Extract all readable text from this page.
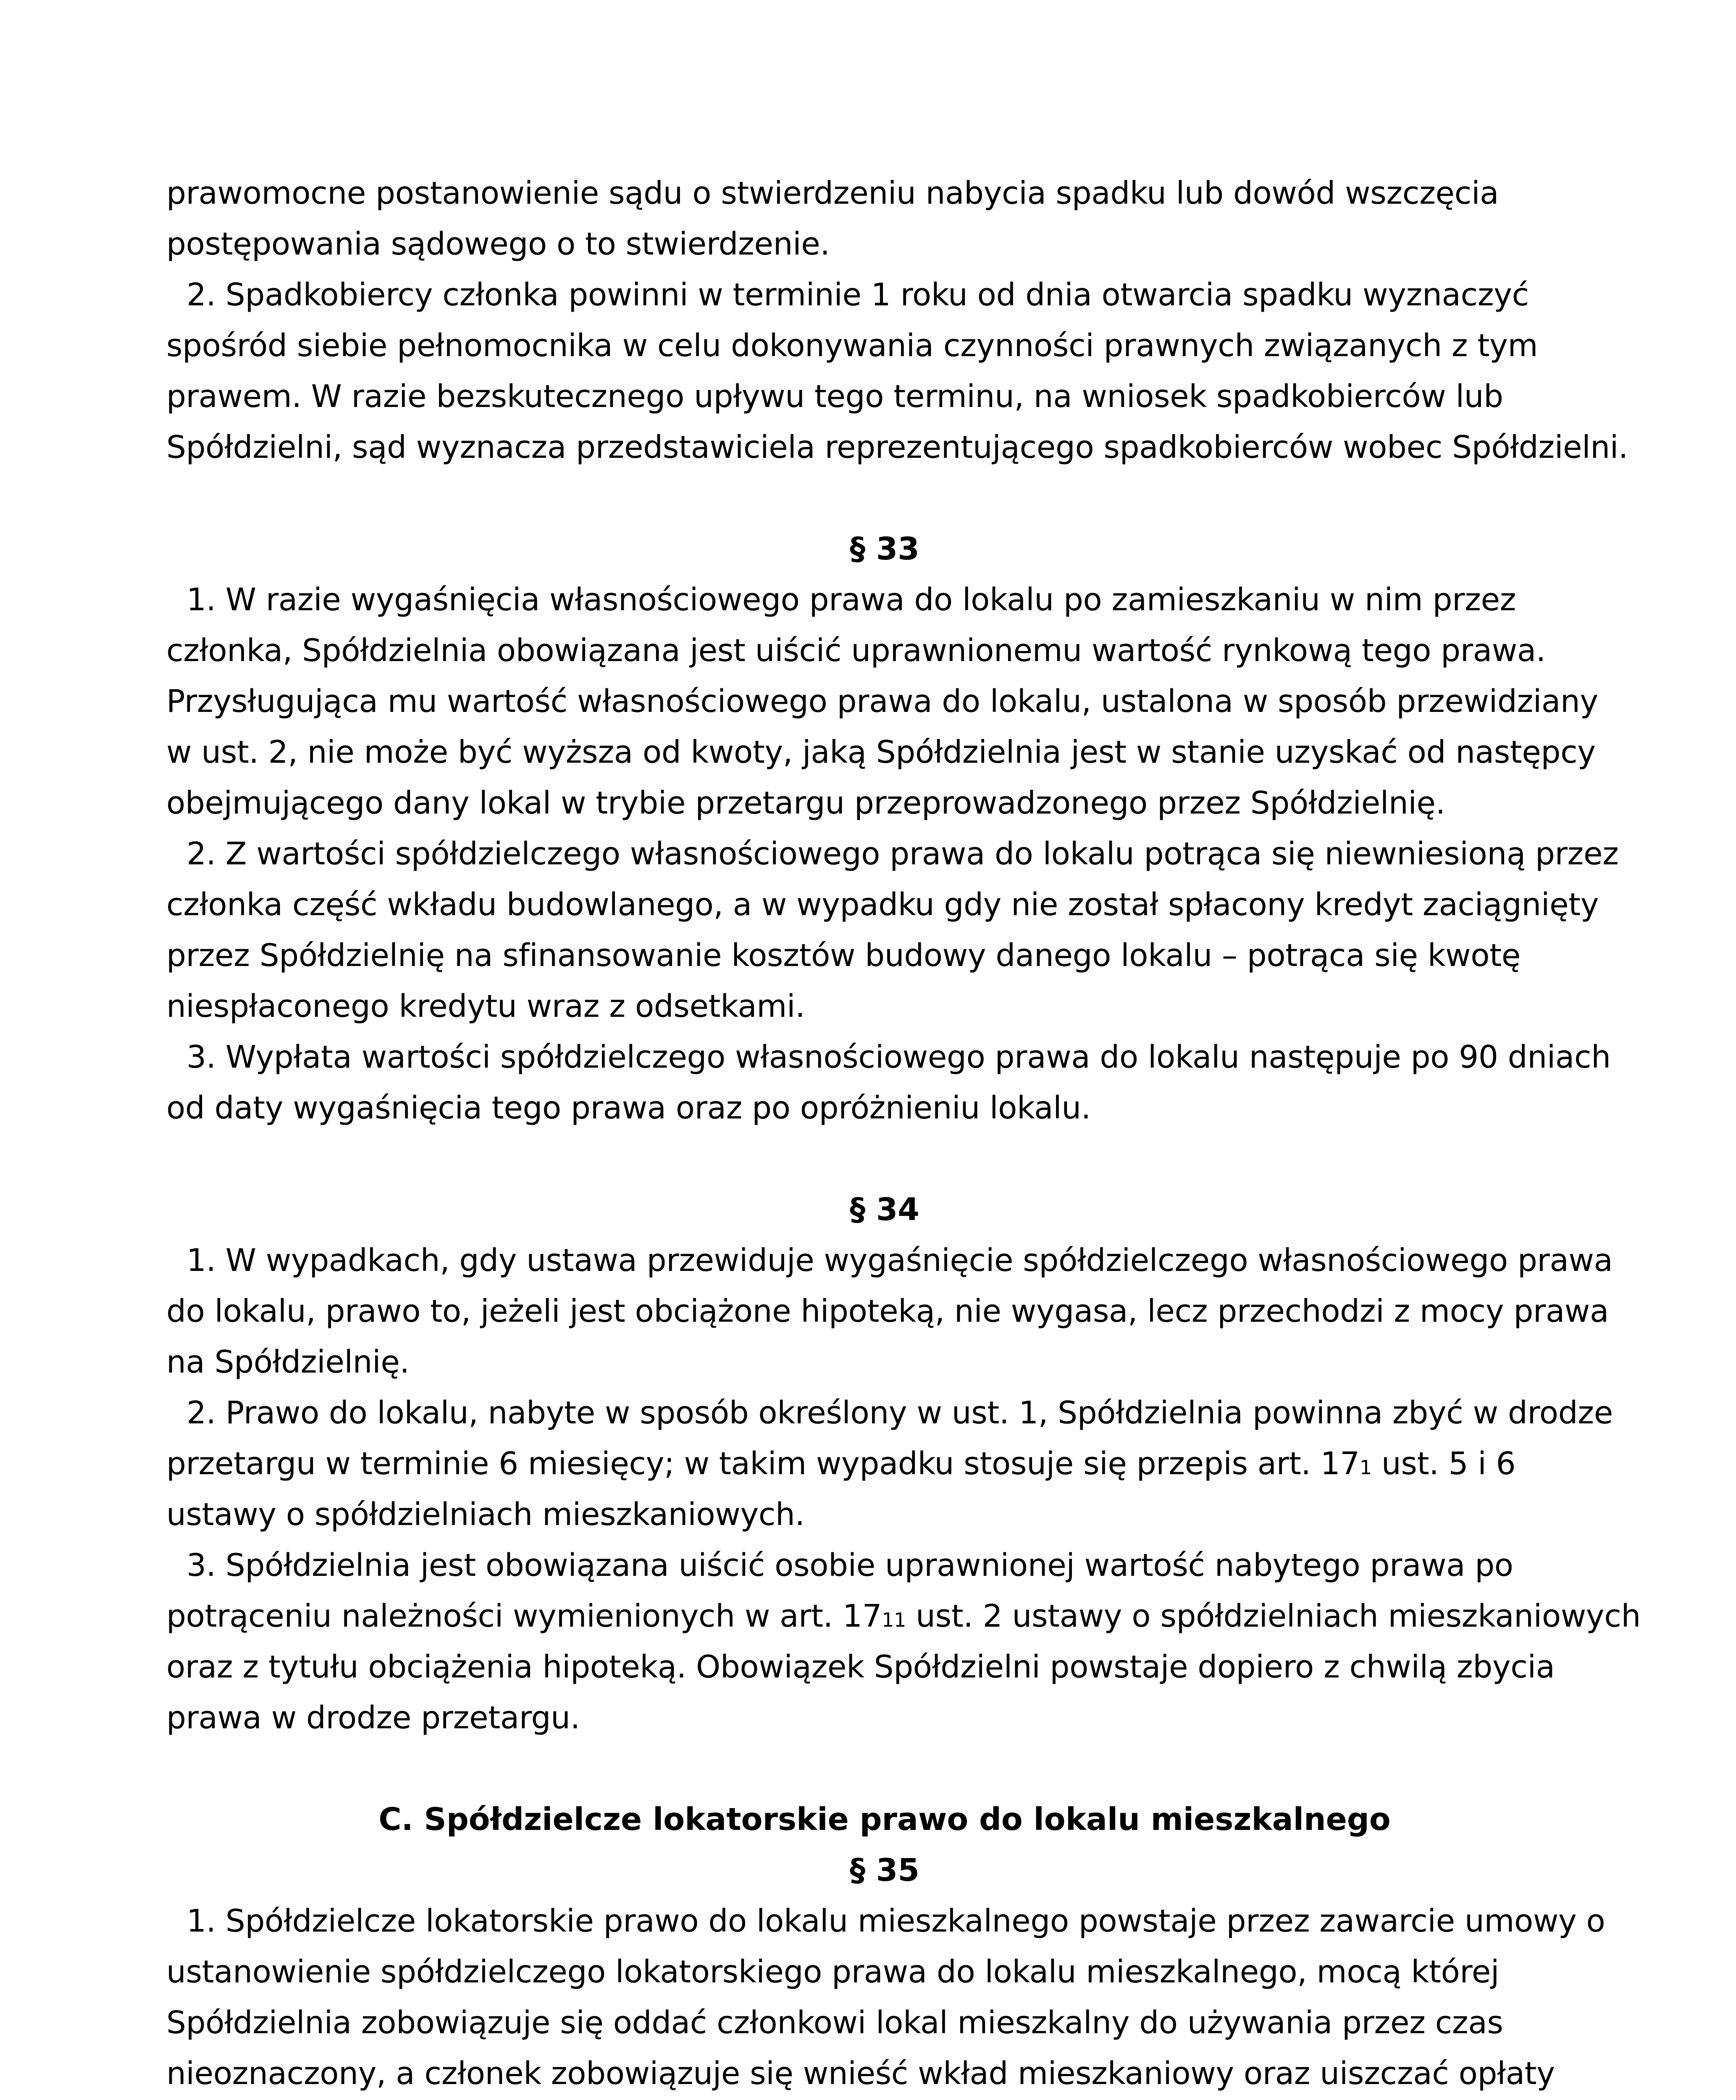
prawomocne postanowienie sądu o stwierdzeniu nabycia spadku lub dowód wszczęcia
postępowania sądowego o to stwierdzenie.
2. Spadkobiercy członka powinni w terminie 1 roku od dnia otwarcia spadku wyznaczyć
spośród siebie pełnomocnika w celu dokonywania czynności prawnych związanych z tym
prawem. W razie bezskutecznego upływu tego terminu, na wniosek spadkobierców lub
Spółdzielni, sąd wyznacza przedstawiciela reprezentującego spadkobierców wobec Spółdzielni.
§ 33
1. W razie wygaśnięcia własnościowego prawa do lokalu po zamieszkaniu w nim przez
członka, Spółdzielnia obowiązana jest uiścić uprawnionemu wartość rynkową tego prawa.
Przysługująca mu wartość własnościowego prawa do lokalu, ustalona w sposób przewidziany
w ust. 2, nie może być wyższa od kwoty, jaką Spółdzielnia jest w stanie uzyskać od następcy
obejmującego dany lokal w trybie przetargu przeprowadzonego przez Spółdzielnię.
2. Z wartości spółdzielczego własnościowego prawa do lokalu potrąca się niewniesioną przez
członka część wkładu budowlanego, a w wypadku gdy nie został spłacony kredyt zaciągnięty
przez Spółdzielnię na sfinansowanie kosztów budowy danego lokalu – potrąca się kwotę
niespłaconego kredytu wraz z odsetkami.
3. Wypłata wartości spółdzielczego własnościowego prawa do lokalu następuje po 90 dniach
od daty wygaśnięcia tego prawa oraz po opróżnieniu lokalu.
§ 34
1. W wypadkach, gdy ustawa przewiduje wygaśnięcie spółdzielczego własnościowego prawa
do lokalu, prawo to, jeżeli jest obciążone hipoteką, nie wygasa, lecz przechodzi z mocy prawa
na Spółdzielnię.
2. Prawo do lokalu, nabyte w sposób określony w ust. 1, Spółdzielnia powinna zbyć w drodze
przetargu w terminie 6 miesięcy; w takim wypadku stosuje się przepis art. 171 ust. 5 i 6
ustawy o spółdzielniach mieszkaniowych.
3. Spółdzielnia jest obowiązana uiścić osobie uprawnionej wartość nabytego prawa po
potrąceniu należności wymienionych w art. 1711 ust. 2 ustawy o spółdzielniach mieszkaniowych
oraz z tytułu obciążenia hipoteką. Obowiązek Spółdzielni powstaje dopiero z chwilą zbycia
prawa w drodze przetargu.
C. Spółdzielcze lokatorskie prawo do lokalu mieszkalnego
§ 35
1. Spółdzielcze lokatorskie prawo do lokalu mieszkalnego powstaje przez zawarcie umowy o
ustanowienie spółdzielczego lokatorskiego prawa do lokalu mieszkalnego, mocą której
Spółdzielnia zobowiązuje się oddać członkowi lokal mieszkalny do używania przez czas
nieoznaczony, a członek zobowiązuje się wnieść wkład mieszkaniowy oraz uiszczać opłaty
